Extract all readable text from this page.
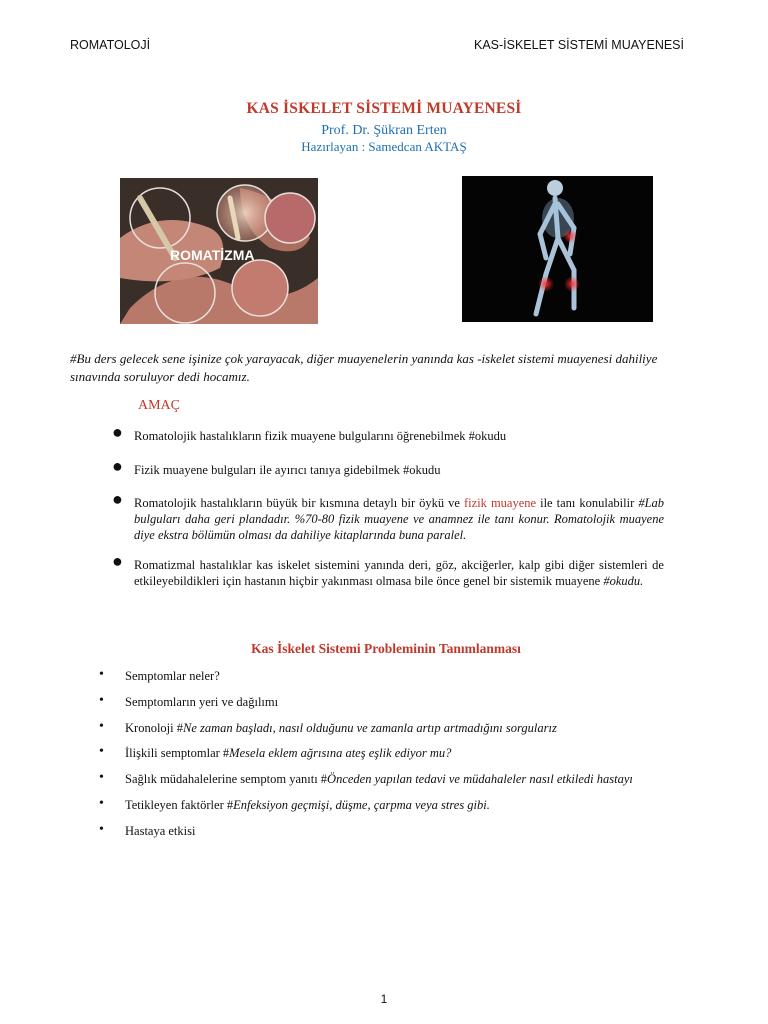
ROMATOLOJİ	KAS-İSKELET SİSTEMİ MUAYENESİ
KAS İSKELET SİSTEMİ MUAYENESİ
Prof. Dr. Şükran Erten
Hazırlayan : Samedcan AKTAŞ
ROMATİZMA
#Bu ders gelecek sene işinize çok yarayacak, diğer muayenelerin yanında kas -iskelet sistemi muayenesi dahiliye sınavında soruluyor dedi hocamız.
AMAÇ
● Romatolojik hastalıkların fizik muayene bulgularını öğrenebilmek #okudu
● Fizik muayene bulguları ile ayırıcı tanıya gidebilmek #okudu
● Romatolojik hastalıkların büyük bir kısmına detaylı bir öykü ve fizik muayene ile tanı konulabilir #Lab bulguları daha geri plandadır. %70-80 fizik muayene ve anamnez ile tanı konur. Romatolojik muayene diye ekstra bölümün olması da dahiliye kitaplarında buna paralel.
● Romatizmal hastalıklar kas iskelet sistemini yanında deri, göz, akciğerler, kalp gibi diğer sistemleri de etkileyebildikleri için hastanın hiçbir yakınması olmasa bile önce genel bir sistemik muayene #okudu.
Kas İskelet Sistemi Probleminin Tanımlanması
• Semptomlar neler?
• Semptomların yeri ve dağılımı
• Kronoloji #Ne zaman başladı, nasıl olduğunu ve zamanla artıp artmadığını sorgularız
• İlişkili semptomlar #Mesela eklem ağrısına ateş eşlik ediyor mu?
• Sağlık müdahalelerine semptom yanıtı #Önceden yapılan tedavi ve müdahaleler nasıl etkiledi hastayı
• Tetikleyen faktörler #Enfeksiyon geçmişi, düşme, çarpma veya stres gibi.
• Hastaya etkisi
1
